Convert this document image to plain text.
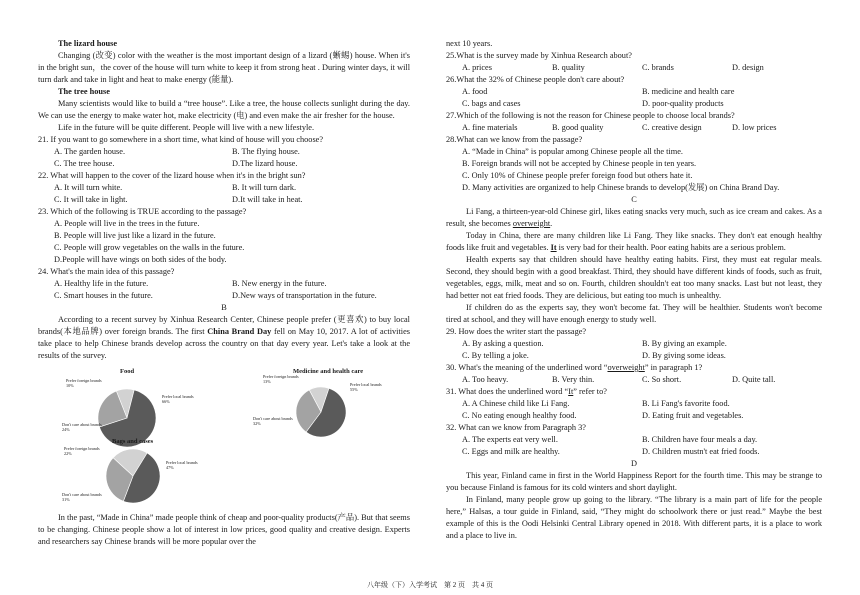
The lizard house
Changing (改变) color with the weather is the most important design of a lizard (蜥蜴) house. When it's in the bright sun，the cover of the house will turn white to keep it from strong heat . During winter days, it will turn dark and take in light and heat to make energy (能量).
The tree house
Many scientists would like to build a “tree house”. Like a tree, the house collects sunlight during the day. We can use the energy to make water hot, make electricity (电) and even make the air fresher for the house.
Life in the future will be quite different. People will live with a new lifestyle.
21. If you want to go somewhere in a short time, what kind of house will you choose?
A. The garden house.	B. The flying house.
C. The tree house.	D.The lizard house.
22. What will happen to the cover of the lizard house when it's in the bright sun?
A. It will turn white.	B. It will turn dark.
C. It will take in light.	D.It will take in heat.
23. Which of the following is TRUE according to the passage?
A. People will live in the trees in the future.
B. People will live just like a lizard in the future.
C. People will grow vegetables on the walls in the future.
D.People will have wings on both sides of the body.
24. What's the main idea of this passage?
A. Healthy life in the future.	B. New energy in the future.
C. Smart houses in the future.	D.New ways of transportation in the future.
B
According to a recent survey by Xinhua Research Center, Chinese people prefer (更喜欢) to buy local brands(本地品牌) over foreign brands. The first China Brand Day fell on May 10, 2017. A lot of activities take place to help Chinese brands develop across the country on that day every year. Let's take a look at the results of the survey.
Food
Prefer foreign brands 10%
Prefer local brands 66%
Don't care about brands 24%
Medicine and health care
Prefer foreign brands 13%
Prefer local brands 55%
Don't care about brands 32%
Bags and cases
Prefer foreign brands 22%
Prefer local brands 47%
Don't care about brands 31%
In the past, “Made in China” made people think of cheap and poor-quality products(产品). But that seems to be changing. Chinese people show a lot of interest in low prices, good quality and creative design. Experts and researchers say Chinese brands will be more popular over the
next 10 years.
25.What is the survey made by Xinhua Research about?
A. prices	B. quality	C. brands	D. design
26.What the 32% of Chinese people don't care about?
A. food	B. medicine and health care
C. bags and cases	D. poor-quality products
27.Which of the following is not the reason for Chinese people to choose local brands?
A. fine materials	B. good quality	C. creative design	D. low prices
28.What can we know from the passage?
A. “Made in China” is popular among Chinese people all the time.
B. Foreign brands will not be accepted by Chinese people in ten years.
C. Only 10% of Chinese people prefer foreign food but others hate it.
D. Many activities are organized to help Chinese brands to develop(发展) on China Brand Day.
C
Li Fang, a thirteen-year-old Chinese girl, likes eating snacks very much, such as ice cream and cakes. As a result, she becomes overweight.
Today in China, there are many children like Li Fang. They like snacks. They don't eat enough healthy foods like fruit and vegetables. It is very bad for their health. Poor eating habits are a serious problem.
Health experts say that children should have healthy eating habits. First, they must eat regular meals. Second, they should begin with a good breakfast. Third, they should have different kinds of foods, such as fruit, vegetables, eggs, milk, meat and so on. Fourth, children shouldn't eat too many snacks. Last but not least, they had better not eat fried foods. They are delicious, but eating too much is unhealthy.
If children do as the experts say, they won't become fat. They will be healthier. Students won't become tired at school, and they will have enough energy to study well.
29. How does the writer start the passage?
A. By asking a question.	B. By giving an example.
C. By telling a joke.	D. By giving some ideas.
30. What's the meaning of the underlined word “overweight” in paragraph 1?
A. Too heavy.	B. Very thin.	C. So short.	D. Quite tall.
31. What does the underlined word “It” refer to?
A. A Chinese child like Li Fang.	B. Li Fang's favorite food.
C. No eating enough healthy food.	D. Eating fruit and vegetables.
32. What can we know from Paragraph 3?
A. The experts eat very well.	B. Children have four meals a day.
C. Eggs and milk are healthy.	D. Children mustn't eat fried foods.
D
This year, Finland came in first in the World Happiness Report for the fourth time. This may be strange to you because Finland is famous for its cold winters and short daylight.
In Finland, many people grow up going to the library. “The library is a main part of life for the people here,” Halsas, a tour guide in Finland, said, “They might do schoolwork there or just read.” Maybe the best example of this is the Oodi Helsinki Central Library opened in 2018. With different parts, it is a place to work and a place to live in.
八年级（下）入学考试　第 2 页　共 4 页
